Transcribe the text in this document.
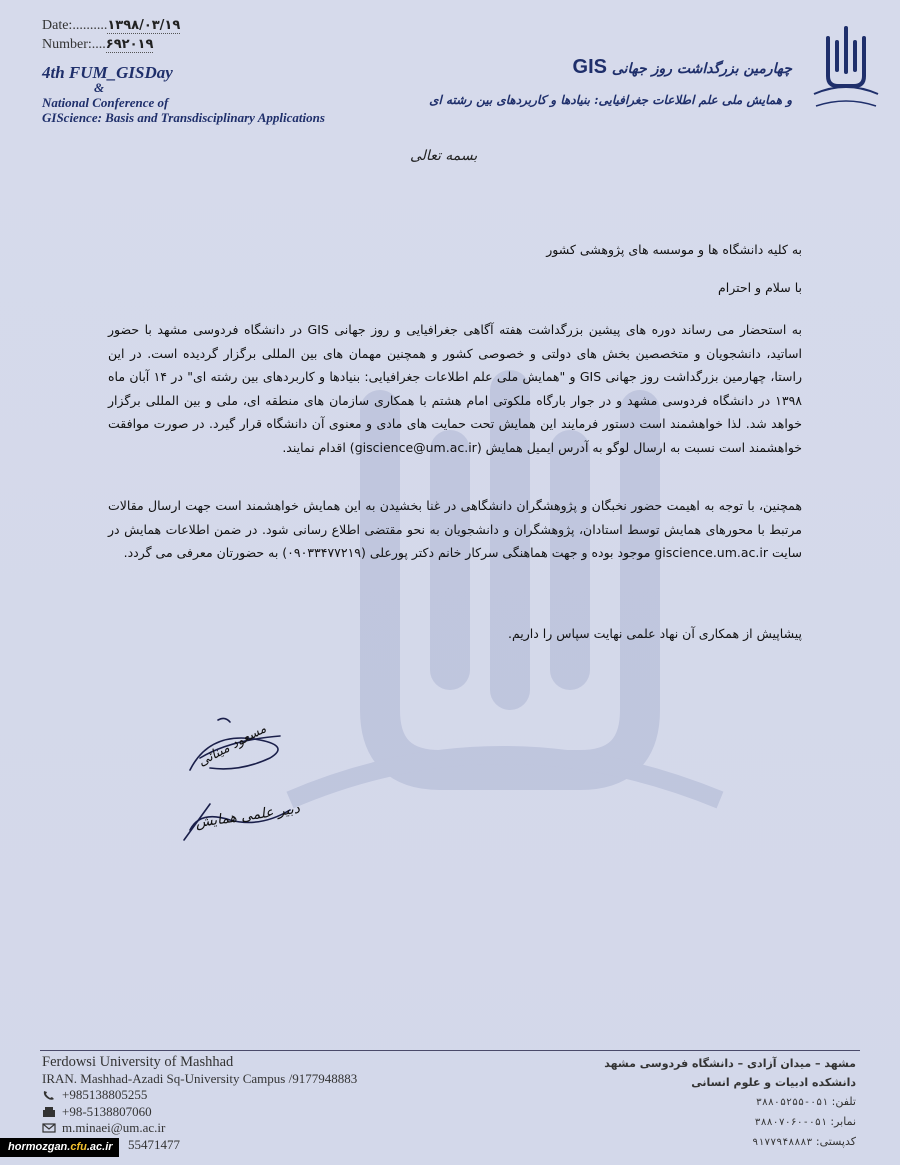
Date:..........۱۳۹۸/۰۳/۱۹
Number:....۶۹۲۰۱۹
4th FUM_GISDay
&
National Conference of
GIScience: Basis and Transdisciplinary Applications
چهارمین بزرگداشت روز جهانی GIS
و همایش ملی علم اطلاعات جغرافیایی: بنیادها و کاربردهای بین رشته ای
بسمه تعالی
به کلیه دانشگاه ها و موسسه های پژوهشی کشور
با سلام و احترام
به استحضار می رساند دوره های پیشین بزرگداشت هفته آگاهی جغرافیایی و روز جهانی GIS در دانشگاه فردوسی مشهد با حضور اساتید، دانشجویان و متخصصین بخش های دولتی و خصوصی کشور و همچنین مهمان های بین المللی برگزار گردیده است. در این راستا، چهارمین بزرگداشت روز جهانی GIS و "همایش ملی علم اطلاعات جغرافیایی: بنیادها و کاربردهای بین رشته ای" در ۱۴ آبان ماه ۱۳۹۸ در دانشگاه فردوسی مشهد و در جوار بارگاه ملکوتی امام هشتم با همکاری سازمان های منطقه ای، ملی و بین المللی برگزار خواهد شد. لذا خواهشمند است دستور فرمایند این همایش تحت حمایت های مادی و معنوی آن دانشگاه قرار گیرد. در صورت موافقت خواهشمند است نسبت به ارسال لوگو به آدرس ایمیل همایش (giscience@um.ac.ir) اقدام نمایند.
همچنین، با توجه به اهیمت حضور نخبگان و پژوهشگران دانشگاهی در غنا بخشیدن به این همایش خواهشمند است جهت ارسال مقالات مرتبط با محورهای همایش توسط استادان، پژوهشگران و دانشجویان به نحو مقتضی اطلاع رسانی شود. در ضمن اطلاعات همایش در سایت giscience.um.ac.ir موجود بوده و جهت هماهنگی سرکار خانم دکتر پورعلی (۰۹۰۳۳۴۷۷۲۱۹) به حضورتان معرفی می گردد.
پیشاپیش از همکاری آن نهاد علمی نهایت سپاس را داریم.
مسعود مینائی
دبیر علمی همایش
Ferdowsi University of Mashhad
IRAN. Mashhad-Azadi Sq-University Campus /9177948883
+985138805255
+98-5138807060
m.minaei@um.ac.ir
55471477
مشهد – میدان آزادی – دانشگاه فردوسی مشهد
دانشکده ادبیات و علوم انسانی
تلفن: ۰۵۱-۳۸۸۰۵۲۵۵
نمابر: ۰۵۱-۳۸۸۰۷۰۶۰
کدپستی: ۹۱۷۷۹۴۸۸۸۳
hormozgan.cfu.ac.ir
